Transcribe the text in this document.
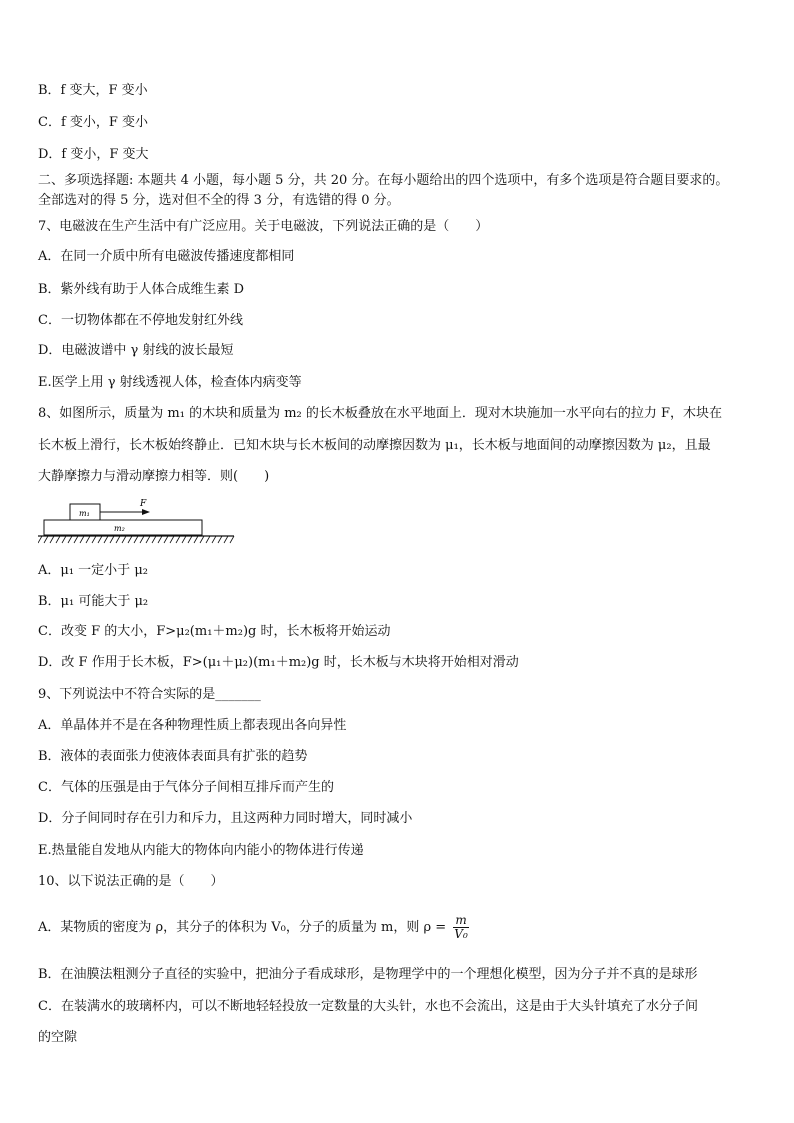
B．f 变大，F 变小
C．f 变小，F 变小
D．f 变小，F 变大
二、多项选择题: 本题共 4 小题，每小题 5 分，共 20 分。在每小题给出的四个选项中，有多个选项是符合题目要求的。
全部选对的得 5 分，选对但不全的得 3 分，有选错的得 0 分。
7、电磁波在生产生活中有广泛应用。关于电磁波，下列说法正确的是（　　）
A．在同一介质中所有电磁波传播速度都相同
B．紫外线有助于人体合成维生素 D
C．一切物体都在不停地发射红外线
D．电磁波谱中 γ 射线的波长最短
E.医学上用 γ 射线透视人体，检查体内病变等
8、如图所示，质量为 m₁ 的木块和质量为 m₂ 的长木板叠放在水平地面上．现对木块施加一水平向右的拉力 F，木块在
长木板上滑行，长木板始终静止．已知木块与长木板间的动摩擦因数为 μ₁，长木板与地面间的动摩擦因数为 μ₂，且最
大静摩擦力与滑动摩擦力相等．则(　　)
m₁
F
m₂
A．μ₁ 一定小于 μ₂
B．μ₁ 可能大于 μ₂
C．改变 F 的大小，F>μ₂(m₁＋m₂)g 时，长木板将开始运动
D．改 F 作用于长木板，F>(μ₁＋μ₂)(m₁＋m₂)g 时，长木板与木块将开始相对滑动
9、下列说法中不符合实际的是_______
A．单晶体并不是在各种物理性质上都表现出各向异性
B．液体的表面张力使液体表面具有扩张的趋势
C．气体的压强是由于气体分子间相互排斥而产生的
D．分子间同时存在引力和斥力，且这两种力同时增大，同时减小
E.热量能自发地从内能大的物体向内能小的物体进行传递
10、以下说法正确的是（　　）
A．某物质的密度为 ρ，其分子的体积为 V₀，分子的质量为 m，则 $\rho = \frac{m}{\text{V₀}}$
B．在油膜法粗测分子直径的实验中，把油分子看成球形，是物理学中的一个理想化模型，因为分子并不真的是球形
C．在装满水的玻璃杯内，可以不断地轻轻投放一定数量的大头针，水也不会流出，这是由于大头针填充了水分子间
的空隙
